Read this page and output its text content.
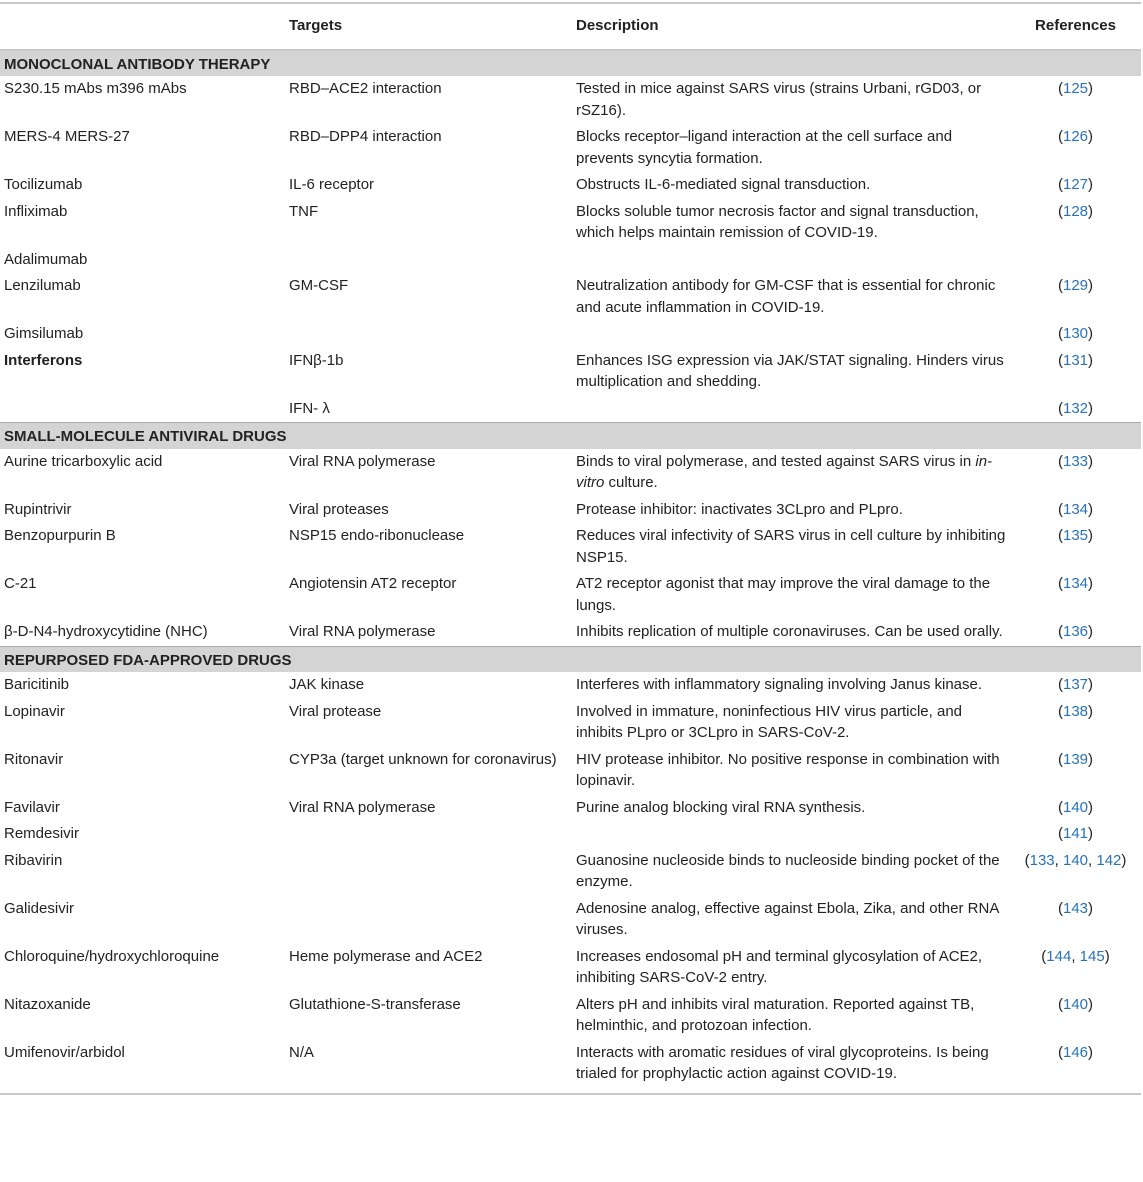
	Targets	Description	References
MONOCLONAL ANTIBODY THERAPY			
S230.15 mAbs m396 mAbs	RBD–ACE2 interaction	Tested in mice against SARS virus (strains Urbani, rGD03, or rSZ16).	(125)
MERS-4 MERS-27	RBD–DPP4 interaction	Blocks receptor–ligand interaction at the cell surface and prevents syncytia formation.	(126)
Tocilizumab	IL-6 receptor	Obstructs IL-6-mediated signal transduction.	(127)
Infliximab	TNF	Blocks soluble tumor necrosis factor and signal transduction, which helps maintain remission of COVID-19.	(128)
Adalimumab			
Lenzilumab	GM-CSF	Neutralization antibody for GM-CSF that is essential for chronic and acute inflammation in COVID-19.	(129)
Gimsilumab			(130)
Interferons	IFNβ-1b	Enhances ISG expression via JAK/STAT signaling. Hinders virus multiplication and shedding.	(131)
	IFN- λ		(132)
SMALL-MOLECULE ANTIVIRAL DRUGS			
Aurine tricarboxylic acid	Viral RNA polymerase	Binds to viral polymerase, and tested against SARS virus in in-vitro culture.	(133)
Rupintrivir	Viral proteases	Protease inhibitor: inactivates 3CLpro and PLpro.	(134)
Benzopurpurin B	NSP15 endo-ribonuclease	Reduces viral infectivity of SARS virus in cell culture by inhibiting NSP15.	(135)
C-21	Angiotensin AT2 receptor	AT2 receptor agonist that may improve the viral damage to the lungs.	(134)
β-D-N4-hydroxycytidine (NHC)	Viral RNA polymerase	Inhibits replication of multiple coronaviruses. Can be used orally.	(136)
REPURPOSED FDA-APPROVED DRUGS			
Baricitinib	JAK kinase	Interferes with inflammatory signaling involving Janus kinase.	(137)
Lopinavir	Viral protease	Involved in immature, noninfectious HIV virus particle, and inhibits PLpro or 3CLpro in SARS-CoV-2.	(138)
Ritonavir	CYP3a (target unknown for coronavirus)	HIV protease inhibitor. No positive response in combination with lopinavir.	(139)
Favilavir	Viral RNA polymerase	Purine analog blocking viral RNA synthesis.	(140)
Remdesivir			(141)
Ribavirin		Guanosine nucleoside binds to nucleoside binding pocket of the enzyme.	(133, 140, 142)
Galidesivir		Adenosine analog, effective against Ebola, Zika, and other RNA viruses.	(143)
Chloroquine/hydroxychloroquine	Heme polymerase and ACE2	Increases endosomal pH and terminal glycosylation of ACE2, inhibiting SARS-CoV-2 entry.	(144, 145)
Nitazoxanide	Glutathione-S-transferase	Alters pH and inhibits viral maturation. Reported against TB, helminthic, and protozoan infection.	(140)
Umifenovir/arbidol	N/A	Interacts with aromatic residues of viral glycoproteins. Is being trialed for prophylactic action against COVID-19.	(146)
